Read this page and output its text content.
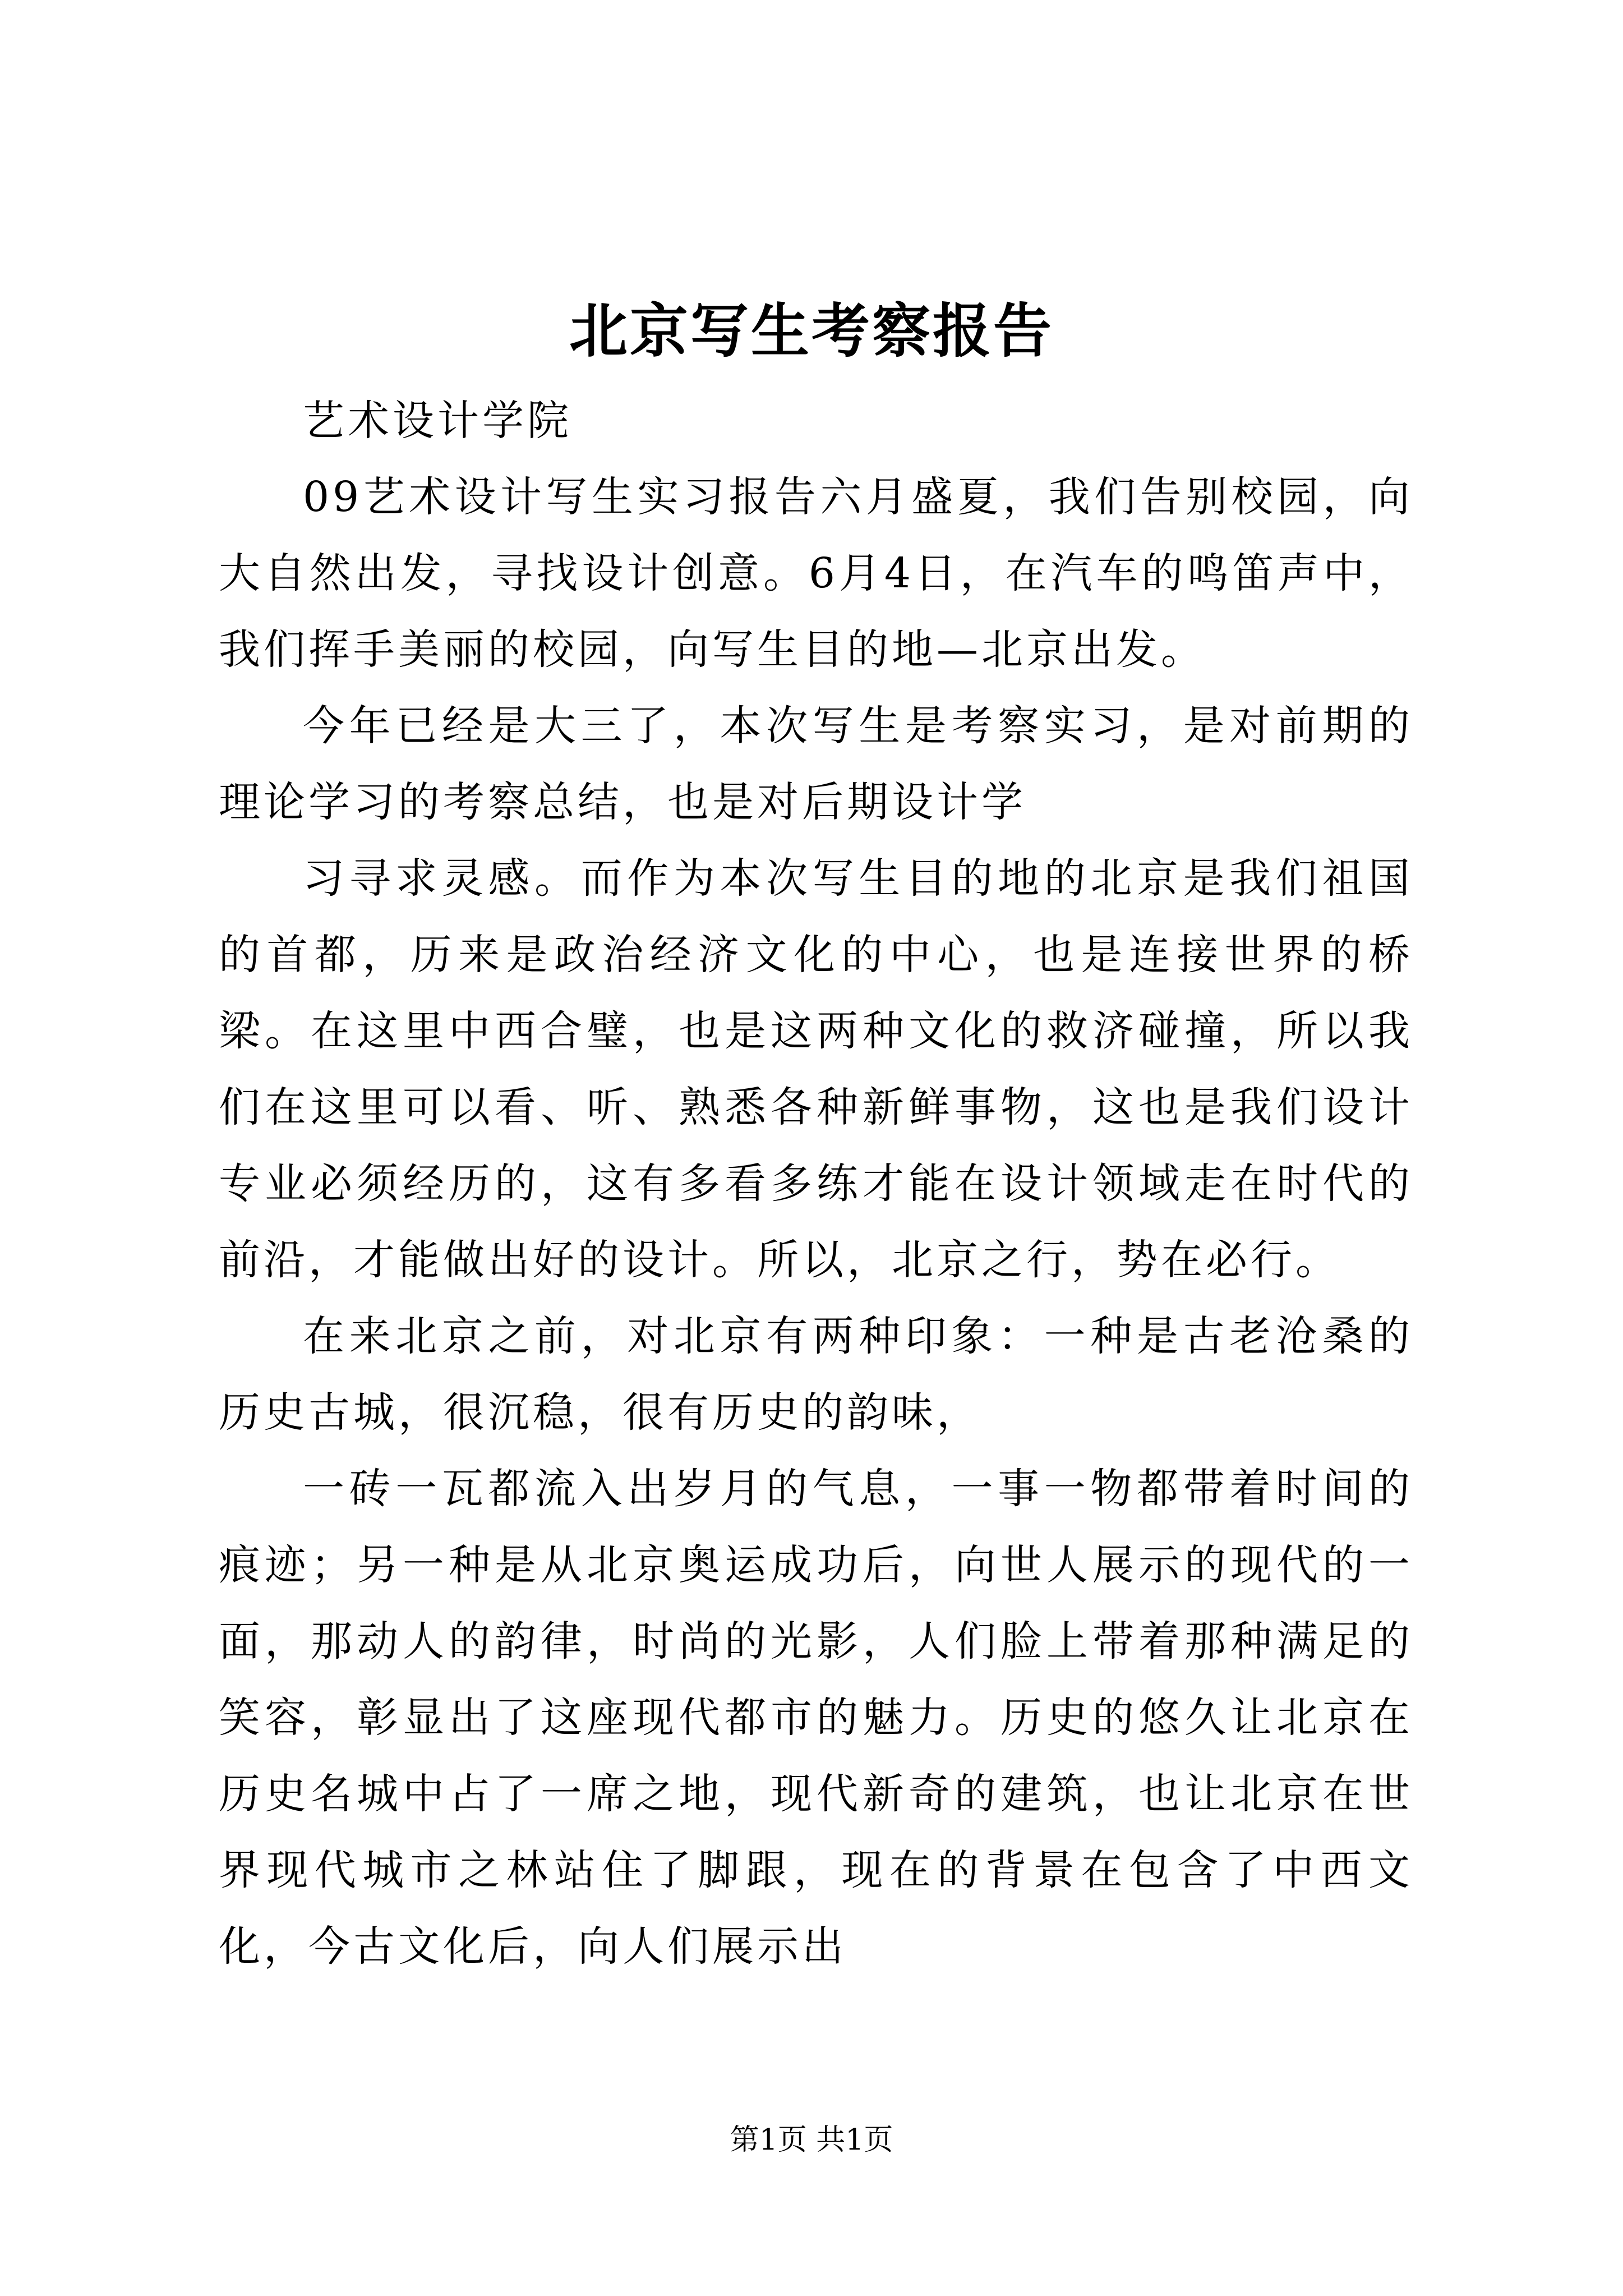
北京写生考察报告

艺术设计学院

09艺术设计写生实习报告六月盛夏，我们告别校园，向大自然出发，寻找设计创意。6月4日，在汽车的鸣笛声中，我们挥手美丽的校园，向写生目的地—北京出发。

今年已经是大三了，本次写生是考察实习，是对前期的理论学习的考察总结，也是对后期设计学

习寻求灵感。而作为本次写生目的地的北京是我们祖国的首都，历来是政治经济文化的中心，也是连接世界的桥梁。在这里中西合璧，也是这两种文化的救济碰撞，所以我们在这里可以看、听、熟悉各种新鲜事物，这也是我们设计专业必须经历的，这有多看多练才能在设计领域走在时代的前沿，才能做出好的设计。所以，北京之行，势在必行。

在来北京之前，对北京有两种印象：一种是古老沧桑的历史古城，很沉稳，很有历史的韵味，

一砖一瓦都流入出岁月的气息，一事一物都带着时间的痕迹；另一种是从北京奥运成功后，向世人展示的现代的一面，那动人的韵律，时尚的光影，人们脸上带着那种满足的笑容，彰显出了这座现代都市的魅力。历史的悠久让北京在历史名城中占了一席之地，现代新奇的建筑，也让北京在世界现代城市之林站住了脚跟，现在的背景在包含了中西文化，今古文化后，向人们展示出

第1页 共1页
